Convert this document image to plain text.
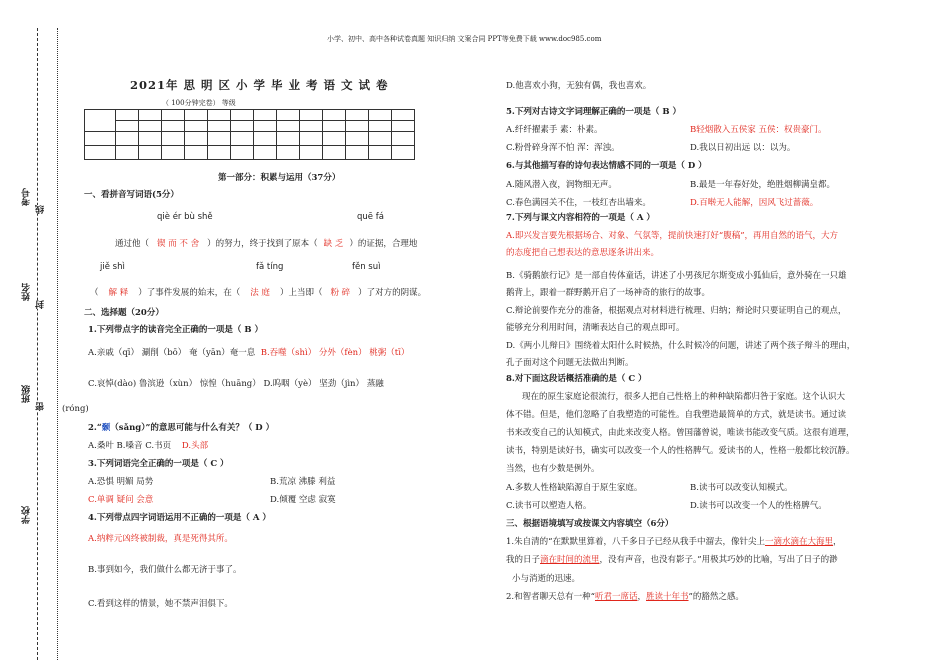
小学、初中、高中各种试卷真题 知识归纳 文案合同 PPT等免费下载 www.doc985.com
考号
线
姓名
封
班级
密
学校
2021年 思 明 区 小 学 毕 业 考 语 文 试 卷
（ 100分钟完卷） 等级

第一部分：积累与运用（37分）
一、看拼音写词语(5分）
qiè ér bù shě	quē fá
通过他（ 锲 而 不 舍 ）的努力，终于找到了原本（ 缺 乏 ）的证据，合理地
jiě shì	fǎ tíng	fěn suì
（ 解 释 ）了事件发展的始末，在（ 法 庭 ）上当即（ 粉 碎 ）了对方的阴谋。
二、选择题（20分）
1.下列带点字的读音完全正确的一项是（ B ）
A.亲戚（qī） 涮削（bō） 奄（yān）奄一息 B.吞噬（shì） 分外（fèn） 桃粥（tī）
C.哀悼(dào) 鲁滨逊（xùn） 惊惶（huāng） D.呜咽（yè） 坚劲（jìn） 蒸融
(róng)
2.“颡（sǎng）”的意思可能与什么有关？（ D ）
A.桑叶 B.嗓音 C.书页 D.头部
3.下列词语完全正确的一项是（ C ）
A.恐惧 明媚 局势	B.荒凉 沸滕 利益
C.单调 疑问 会意	D.倾覆 空虑 寂寞
4.下列带点四字词语运用不正确的一项是（ A ）
A.纳粹元凶终被制裁，真是死得其所。
B.事到如今，我们做什么都无济于事了。
C.看到这样的情景，她不禁声泪俱下。
D.他喜欢小狗，无独有偶，我也喜欢。
5.下列对古诗文字词理解正确的一项是（ B ）
A.纤纤擢素手 素：朴素。	B轻烟散入五侯家 五侯：权贵豪门。
C.粉骨碎身浑不怕 浑：浑浊。	D.我以日初出远 以：以为。
6.与其他描写春的诗句表达情感不同的一项是（ D ）
A.随风潜入夜，润物细无声。	B.最是一年春好处，绝胜烟柳满皇都。
C.春色满园关不住，一枝红杏出墙来。	D.百啭无人能解，因风飞过蔷薇。
7.下列与课文内容相符的一项是（ A ）
A.即兴发言要先根据场合、对象、气氛等，提前快速打好“腹稿”，再用自然的语气，大方
的态度把自己想表达的意思逐条讲出来。
B.《骑鹅旅行记》是一部自传体童话，讲述了小男孩尼尔斯变成小狐仙后，意外骑在一只雄
鹅背上，跟着一群野鹅开启了一场神奇的旅行的故事。
C.辩论前要作充分的准备，根据观点对材料进行梳理、归纳；辩论时只要证明自己的观点，
能够充分利用时间，清晰表达自己的观点即可。
D.《两小儿辩日》围绕着太阳什么时候热，什么时候冷的问题，讲述了两个孩子辩斗的理由，
孔子面对这个问题无法做出判断。
8.对下面这段话概括准确的是（ C ）
现在的原生家庭论很流行，很多人把自己性格上的种种缺陷都归咎于家庭。这个认识大
体不错。但是，他们忽略了自我塑造的可能性。自我塑造最简单的方式，就是读书。通过读
书来改变自己的认知模式，由此来改变人格。曾国藩曾说，唯读书能改变气质。这很有道理，
读书，特别是读好书，确实可以改变一个人的性格脾气。爱读书的人，性格一般都比较沉静。
当然，也有少数是例外。
A.多数人性格缺陷源自于原生家庭。	B.读书可以改变认知模式。
C.读书可以塑造人格。	D.读书可以改变一个人的性格脾气。
三、根据语境填写或按课文内容填空（6分）
1.朱自清的“在默默里算着，八千多日子已经从我手中溜去，像针尖上一滴水滴在大海里，
我的日子滴在时间的流里，没有声音，也没有影子。”用极其巧妙的比喻，写出了日子的渺
小与消逝的迅速。
2.和智者聊天总有一种“听君一席话，胜读十年书”的豁然之感。
